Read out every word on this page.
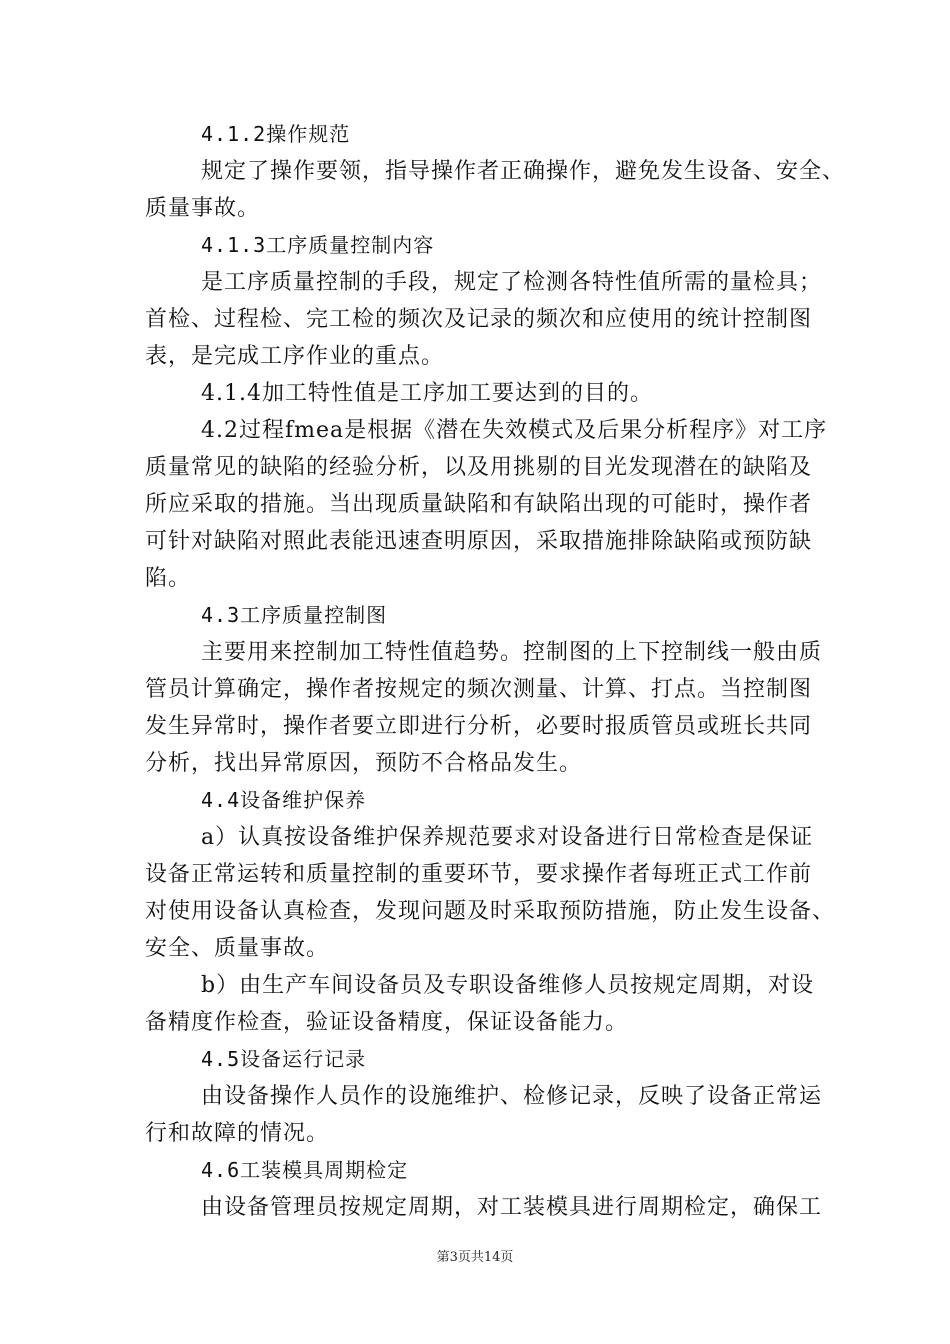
4.1.2操作规范
规定了操作要领，指导操作者正确操作，避免发生设备、安全、
质量事故。
4.1.3工序质量控制内容
是工序质量控制的手段，规定了检测各特性值所需的量检具；
首检、过程检、完工检的频次及记录的频次和应使用的统计控制图
表，是完成工序作业的重点。
4.1.4加工特性值是工序加工要达到的目的。
4.2过程fmea是根据《潜在失效模式及后果分析程序》对工序
质量常见的缺陷的经验分析，以及用挑剔的目光发现潜在的缺陷及
所应采取的措施。当出现质量缺陷和有缺陷出现的可能时，操作者
可针对缺陷对照此表能迅速查明原因，采取措施排除缺陷或预防缺
陷。
4.3工序质量控制图
主要用来控制加工特性值趋势。控制图的上下控制线一般由质
管员计算确定，操作者按规定的频次测量、计算、打点。当控制图
发生异常时，操作者要立即进行分析，必要时报质管员或班长共同
分析，找出异常原因，预防不合格品发生。
4.4设备维护保养
a）认真按设备维护保养规范要求对设备进行日常检查是保证
设备正常运转和质量控制的重要环节，要求操作者每班正式工作前
对使用设备认真检查，发现问题及时采取预防措施，防止发生设备、
安全、质量事故。
b）由生产车间设备员及专职设备维修人员按规定周期，对设
备精度作检查，验证设备精度，保证设备能力。
4.5设备运行记录
由设备操作人员作的设施维护、检修记录，反映了设备正常运
行和故障的情况。
4.6工装模具周期检定
由设备管理员按规定周期，对工装模具进行周期检定，确保工
第3页共14页
